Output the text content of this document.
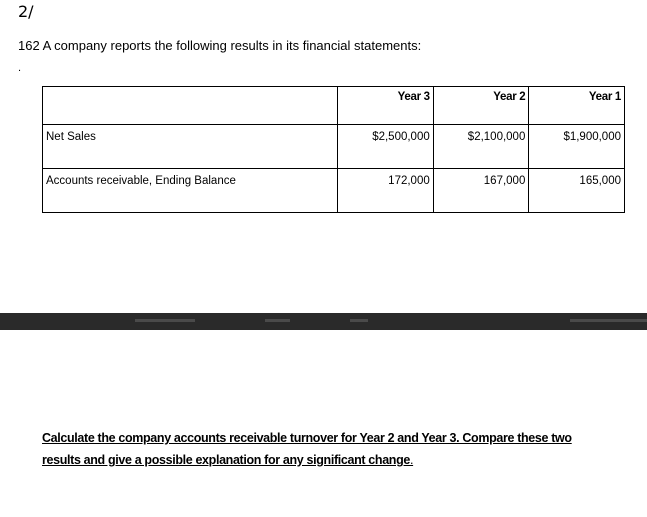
2/
162 A company reports the following results in its financial statements:
.
	Year 3	Year 2	Year 1
Net Sales	$2,500,000	$2,100,000	$1,900,000
Accounts receivable, Ending Balance	172,000	167,000	165,000
Calculate the company accounts receivable turnover for Year 2 and Year 3. Compare these two
results and give a possible explanation for any significant change.
